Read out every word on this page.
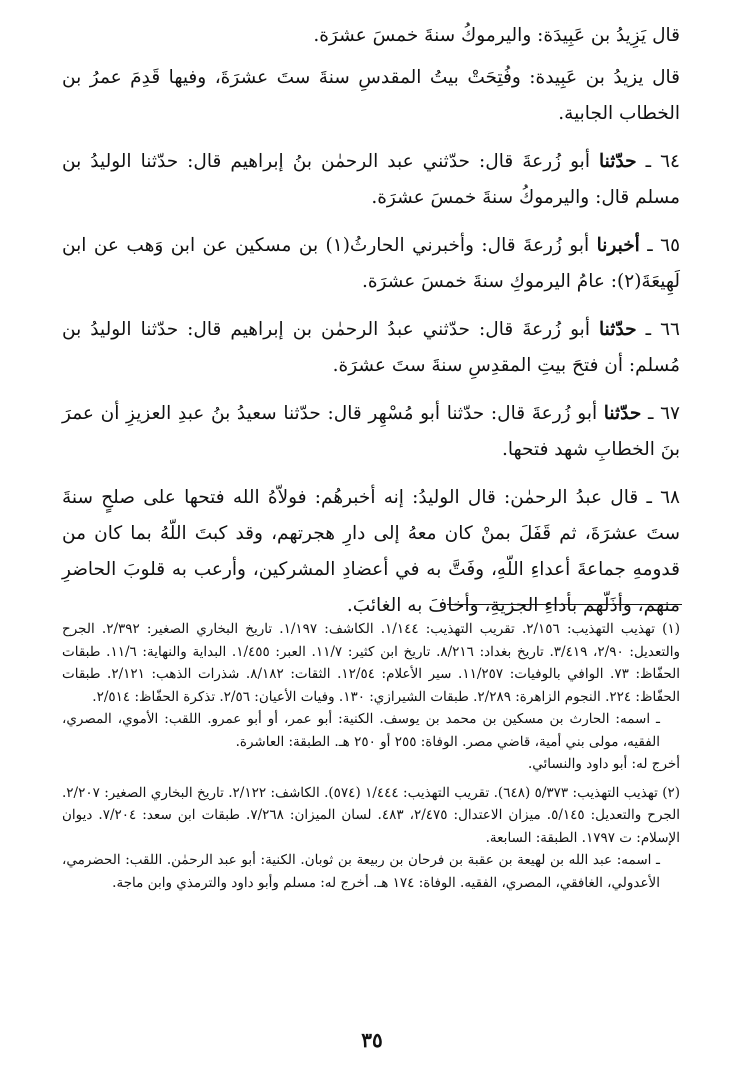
قال يَزِيدُ بن عَبِيدَة: واليرموكُ سنةَ خمسَ عشرَة.

قال يزيدُ بن عَبِيدة: وفُتِحَتْ بيتُ المقدسِ سنةَ ستَ عشرَةَ، وفيها قَدِمَ عمرُ بن الخطاب الجابية.

٦٤ ـ حدّثنا أبو زُرعةَ قال: حدّثني عبد الرحمٰن بنُ إبراهيم قال: حدّثنا الوليدُ بن مسلم قال: واليرموكُ سنةَ خمسَ عشرَة.

٦٥ ـ أخبرنا أبو زُرعةَ قال: وأخبرني الحارثُ(١) بن مسكين عن ابن وَهب عن ابن لَهِيعَةَ(٢): عامُ اليرموكِ سنةَ خمسَ عشرَة.

٦٦ ـ حدّثنا أبو زُرعةَ قال: حدّثني عبدُ الرحمٰن بن إبراهيم قال: حدّثنا الوليدُ بن مُسلم: أن فتحَ بيتِ المقدِسِ سنةَ ستَ عشرَة.

٦٧ ـ حدّثنا أبو زُرعةَ قال: حدّثنا أبو مُسْهِر قال: حدّثنا سعيدُ بنُ عبدِ العزيزِ أن عمرَ بنَ الخطابِ شهد فتحها.

٦٨ ـ قال عبدُ الرحمٰن: قال الوليدُ: إنه أخبرهُم: فولاّهُ الله فتحها على صلحٍ سنةَ ستَ عشرَةَ، ثم قَفَلَ بمنْ كان معهُ إلى دارِ هجرتهم، وقد كبتَ اللّهُ بما كان من قدومهِ جماعةَ أعداءِ اللّهِ، وفَتَّ به في أعضادِ المشركين، وأرعب به قلوبَ الحاضرِ منهم، وأذَلّهم بأداءِ الجزيةِ، وأخافَ به الغائبَ.

(١) تهذيب التهذيب: ٢/١٥٦. تقريب التهذيب: ١/١٤٤. الكاشف: ١/١٩٧. تاريخ البخاري الصغير: ٢/٣٩٢. الجرح والتعديل: ٢/٩٠، ٣/٤١٩. تاريخ بغداد: ٨/٢١٦. تاريخ ابن كثير: ١١/٧. العبر: ١/٤٥٥. البداية والنهاية: ١١/٦. طبقات الحفّاظ: ٧٣. الوافي بالوفيات: ١١/٢٥٧. سير الأعلام: ١٢/٥٤. الثقات: ٨/١٨٢. شذرات الذهب: ٢/١٢١. طبقات الحفّاظ: ٢٢٤. النجوم الزاهرة: ٢/٢٨٩. طبقات الشيرازي: ١٣٠. وفيات الأعيان: ٢/٥٦. تذكرة الحفّاظ: ٢/٥١٤.
ـ اسمه: الحارث بن مسكين بن محمد بن يوسف. الكنية: أبو عمر، أو أبو عمرو. اللقب: الأموي، المصري، الفقيه، مولى بني أمية، قاضي مصر. الوفاة: ٢٥٥ أو ٢٥٠ هـ. الطبقة: العاشرة.
أخرج له: أبو داود والنسائي.
(٢) تهذيب التهذيب: ٥/٣٧٣ (٦٤٨). تقريب التهذيب: ١/٤٤٤ (٥٧٤). الكاشف: ٢/١٢٢. تاريخ البخاري الصغير: ٢/٢٠٧. الجرح والتعديل: ٥/١٤٥. ميزان الاعتدال: ٢/٤٧٥، ٤٨٣. لسان الميزان: ٧/٢٦٨. طبقات ابن سعد: ٧/٢٠٤. ديوان الإسلام: ت ١٧٩٧. الطبقة: السابعة.
ـ اسمه: عبد الله بن لهيعة بن عقبة بن فرحان بن ربيعة بن ثوبان. الكنية: أبو عبد الرحمٰن. اللقب: الحضرمي، الأعدولي، الغافقي، المصري، الفقيه. الوفاة: ١٧٤ هـ. أخرج له: مسلم وأبو داود والترمذي وابن ماجة.
٣٥
